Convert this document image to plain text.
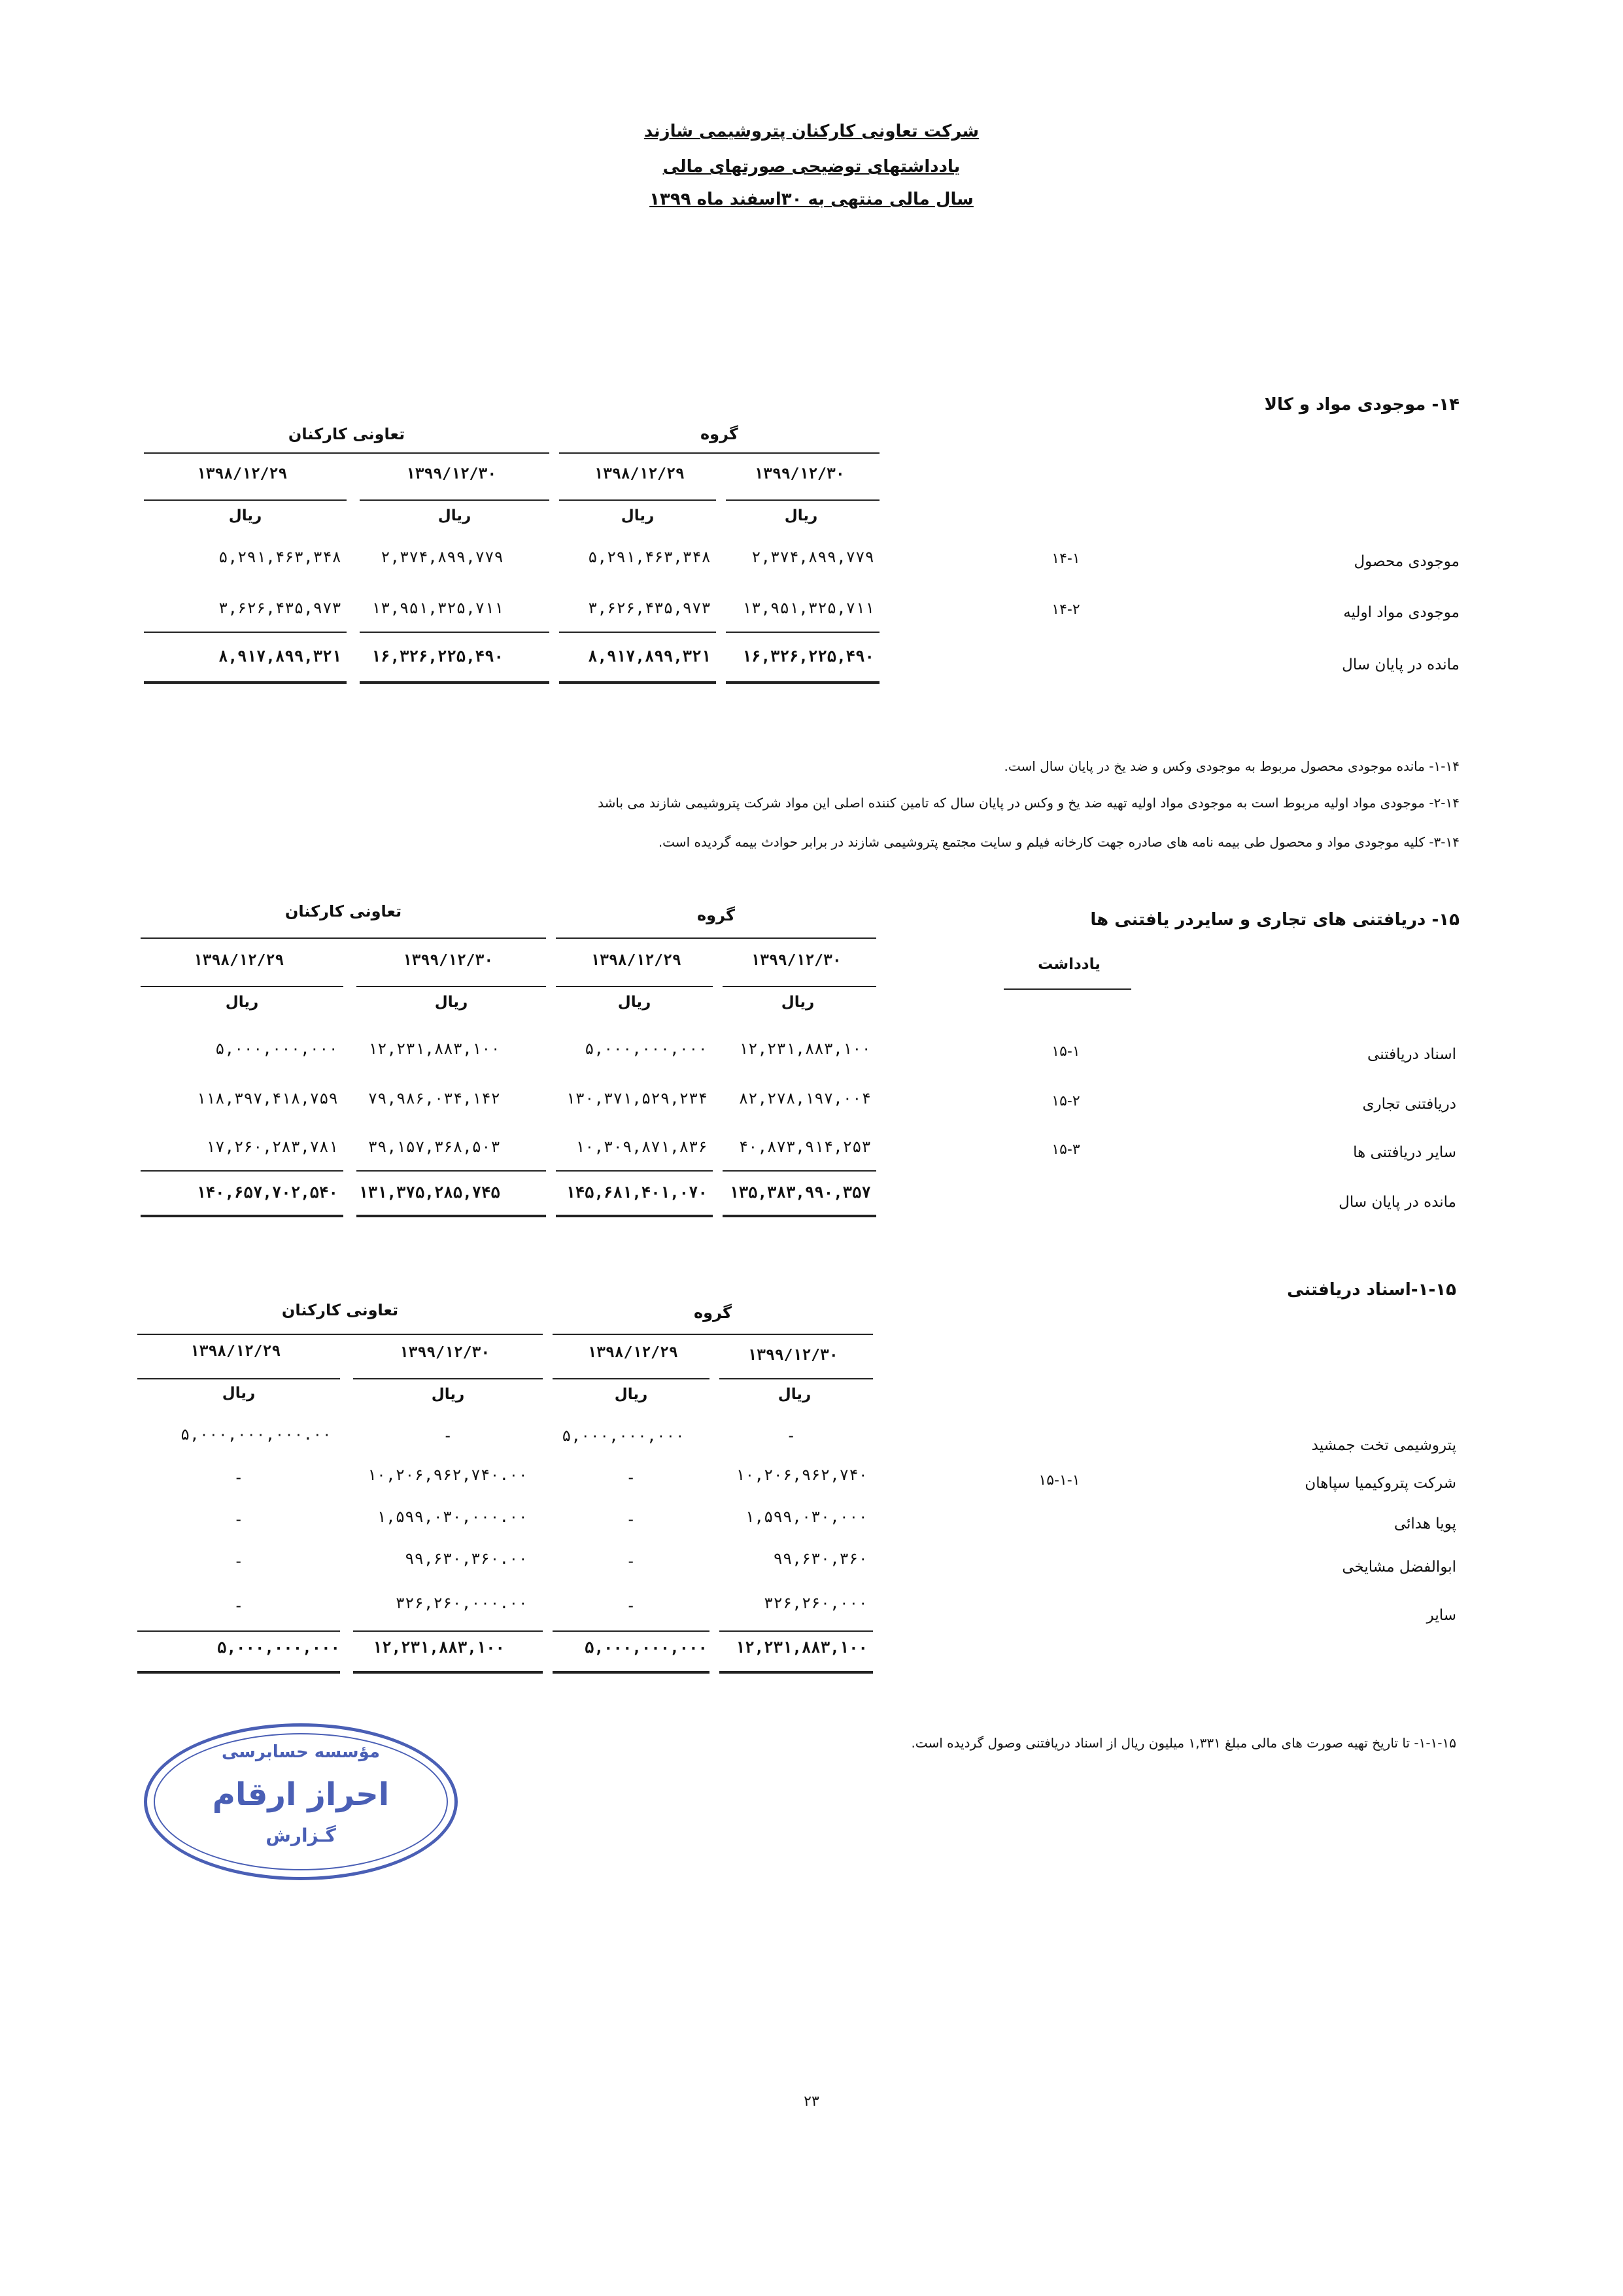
شرکت تعاونی کارکنان پتروشیمی شازند
یادداشتهای توضیحی صورتهای مالی
سال مالی منتهی به ۳۰اسفند ماه ۱۳۹۹
۱۴- موجودی مواد و کالا
گروه
تعاونی کارکنان
۱۳۹۹/۱۲/۳۰
۱۳۹۸/۱۲/۲۹
۱۳۹۹/۱۲/۳۰
۱۳۹۸/۱۲/۲۹
ریال
ریال
ریال
ریال
موجودی محصول
۱۴-۱
۲,۳۷۴,۸۹۹,۷۷۹
۵,۲۹۱,۴۶۳,۳۴۸
۲,۳۷۴,۸۹۹,۷۷۹
۵,۲۹۱,۴۶۳,۳۴۸
موجودی مواد اولیه
۱۴-۲
۱۳,۹۵۱,۳۲۵,۷۱۱
۳,۶۲۶,۴۳۵,۹۷۳
۱۳,۹۵۱,۳۲۵,۷۱۱
۳,۶۲۶,۴۳۵,۹۷۳
مانده در پایان سال
۱۶,۳۲۶,۲۲۵,۴۹۰
۸,۹۱۷,۸۹۹,۳۲۱
۱۶,۳۲۶,۲۲۵,۴۹۰
۸,۹۱۷,۸۹۹,۳۲۱
۱-۱۴- مانده موجودی محصول مربوط به موجودی وکس و ضد یخ در پایان سال است.
۲-۱۴- موجودی مواد اولیه مربوط است به موجودی مواد اولیه تهیه ضد یخ و وکس در پایان سال که تامین کننده اصلی این مواد شرکت پتروشیمی شازند می باشد
۳-۱۴- کلیه موجودی مواد و محصول طی بیمه نامه های صادره جهت کارخانه فیلم و سایت مجتمع پتروشیمی شازند در برابر حوادث بیمه گردیده است.
۱۵- دریافتنی های تجاری و سایردر یافتنی ها
گروه
تعاونی کارکنان
۱۳۹۹/۱۲/۳۰
۱۳۹۸/۱۲/۲۹
۱۳۹۹/۱۲/۳۰
۱۳۹۸/۱۲/۲۹	یادداشت
ریال
ریال
ریال
ریال
اسناد دریافتنی
۱۵-۱
۱۲,۲۳۱,۸۸۳,۱۰۰
۵,۰۰۰,۰۰۰,۰۰۰
۱۲,۲۳۱,۸۸۳,۱۰۰
۵,۰۰۰,۰۰۰,۰۰۰
دریافتنی تجاری
۱۵-۲
۸۲,۲۷۸,۱۹۷,۰۰۴
۱۳۰,۳۷۱,۵۲۹,۲۳۴
۷۹,۹۸۶,۰۳۴,۱۴۲
۱۱۸,۳۹۷,۴۱۸,۷۵۹
سایر دریافتنی ها
۱۵-۳
۴۰,۸۷۳,۹۱۴,۲۵۳
۱۰,۳۰۹,۸۷۱,۸۳۶
۳۹,۱۵۷,۳۶۸,۵۰۳
۱۷,۲۶۰,۲۸۳,۷۸۱
مانده در پایان سال
۱۳۵,۳۸۳,۹۹۰,۳۵۷
۱۴۵,۶۸۱,۴۰۱,۰۷۰
۱۳۱,۳۷۵,۲۸۵,۷۴۵
۱۴۰,۶۵۷,۷۰۲,۵۴۰
۱-۱۵-اسناد دریافتنی
گروه
تعاونی کارکنان
۱۳۹۹/۱۲/۳۰
۱۳۹۸/۱۲/۲۹
۱۳۹۹/۱۲/۳۰
۱۳۹۸/۱۲/۲۹
ریال
ریال
ریال
ریال
پتروشیمی تخت جمشید
-
۵,۰۰۰,۰۰۰,۰۰۰
-
۵,۰۰۰,۰۰۰,۰۰۰.۰۰
شرکت پتروکیمیا سپاهان
۱۵-۱-۱
۱۰,۲۰۶,۹۶۲,۷۴۰
-
۱۰,۲۰۶,۹۶۲,۷۴۰.۰۰
-
پویا هدائی
۱,۵۹۹,۰۳۰,۰۰۰
-
۱,۵۹۹,۰۳۰,۰۰۰.۰۰
-
ابوالفضل مشایخی
۹۹,۶۳۰,۳۶۰
-
۹۹,۶۳۰,۳۶۰.۰۰
-
سایر
۳۲۶,۲۶۰,۰۰۰
-
۳۲۶,۲۶۰,۰۰۰.۰۰
-
۱۲,۲۳۱,۸۸۳,۱۰۰
۵,۰۰۰,۰۰۰,۰۰۰
۱۲,۲۳۱,۸۸۳,۱۰۰
۵,۰۰۰,۰۰۰,۰۰۰
۱-۱-۱۵- تا تاریخ تهیه صورت های مالی مبلغ ۱,۳۳۱ میلیون ریال از اسناد دریافتنی وصول گردیده است.
مؤسسه حسابرسی
احراز ارقام
گـزارش
۲۳
